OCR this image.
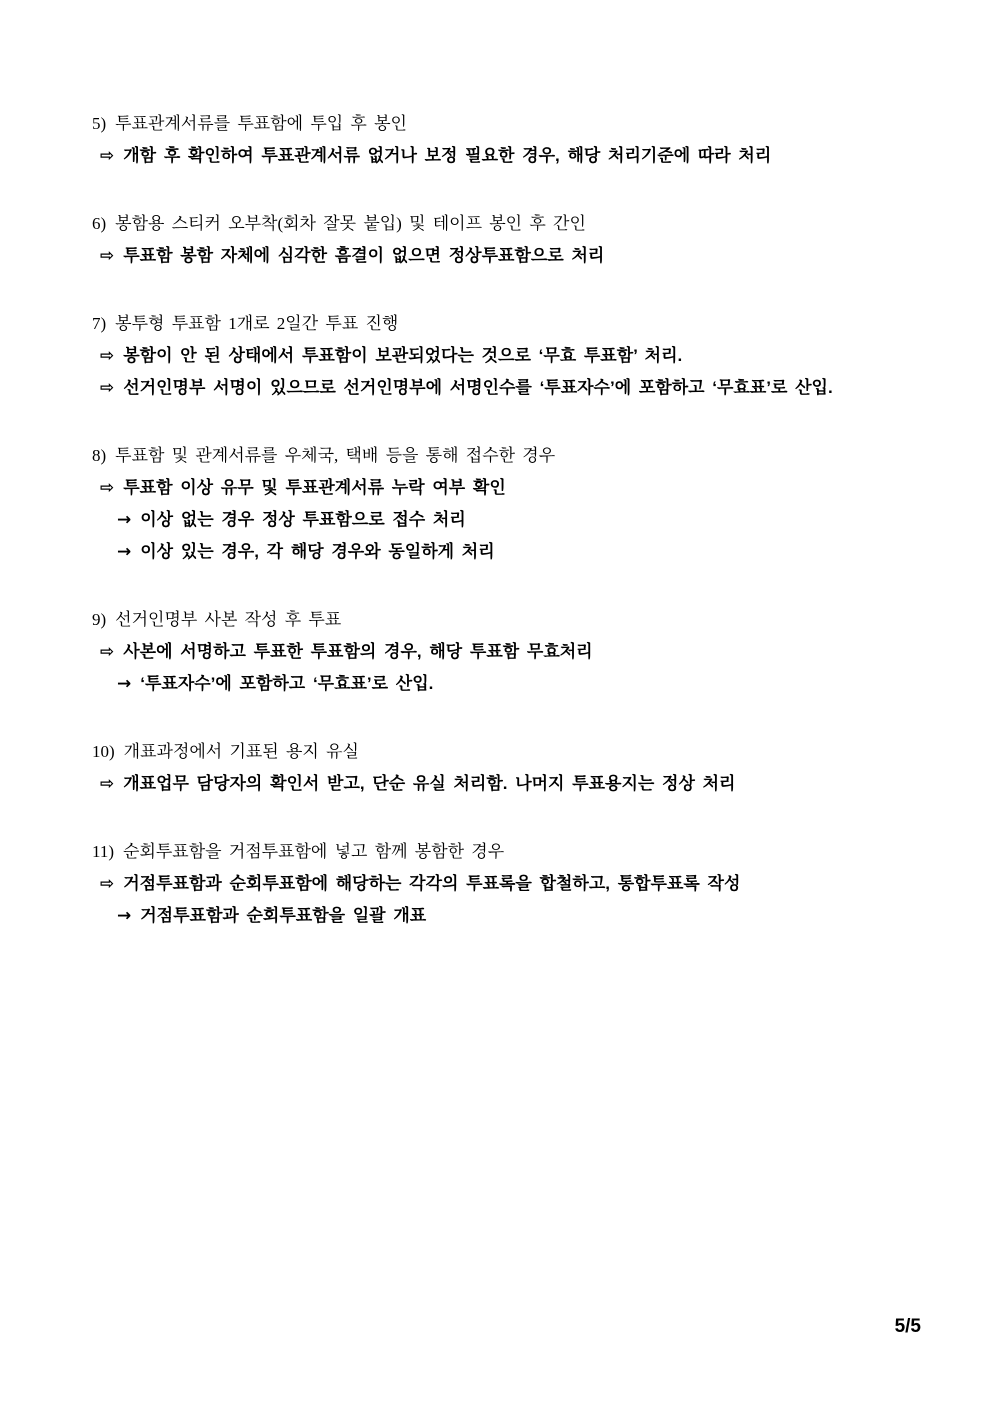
5) 투표관계서류를 투표함에 투입 후 봉인
⇨ 개함 후 확인하여 투표관계서류 없거나 보정 필요한 경우, 해당 처리기준에 따라 처리
6) 봉함용 스티커 오부착(회차 잘못 붙입) 및 테이프 봉인 후 간인
⇨ 투표함 봉함 자체에 심각한 흠결이 없으면 정상투표함으로 처리
7) 봉투형 투표함 1개로 2일간 투표 진행
⇨ 봉함이 안 된 상태에서 투표함이 보관되었다는 것으로 ‘무효 투표함’ 처리.
⇨ 선거인명부 서명이 있으므로 선거인명부에 서명인수를 ‘투표자수’에 포함하고 ‘무효표’로 산입.
8) 투표함 및 관계서류를 우체국, 택배 등을 통해 접수한 경우
⇨ 투표함 이상 유무 및 투표관계서류 누락 여부 확인
→ 이상 없는 경우 정상 투표함으로 접수 처리
→ 이상 있는 경우, 각 해당 경우와 동일하게 처리
9) 선거인명부 사본 작성 후 투표
⇨ 사본에 서명하고 투표한 투표함의 경우, 해당 투표함 무효처리
→ ‘투표자수’에 포함하고 ‘무효표’로 산입.
10) 개표과정에서 기표된 용지 유실
⇨ 개표업무 담당자의 확인서 받고, 단순 유실 처리함. 나머지 투표용지는 정상 처리
11) 순회투표함을 거점투표함에 넣고 함께 봉함한 경우
⇨ 거점투표함과 순회투표함에 해당하는 각각의 투표록을 합철하고, 통합투표록 작성
→ 거점투표함과 순회투표함을 일괄 개표
5/5
